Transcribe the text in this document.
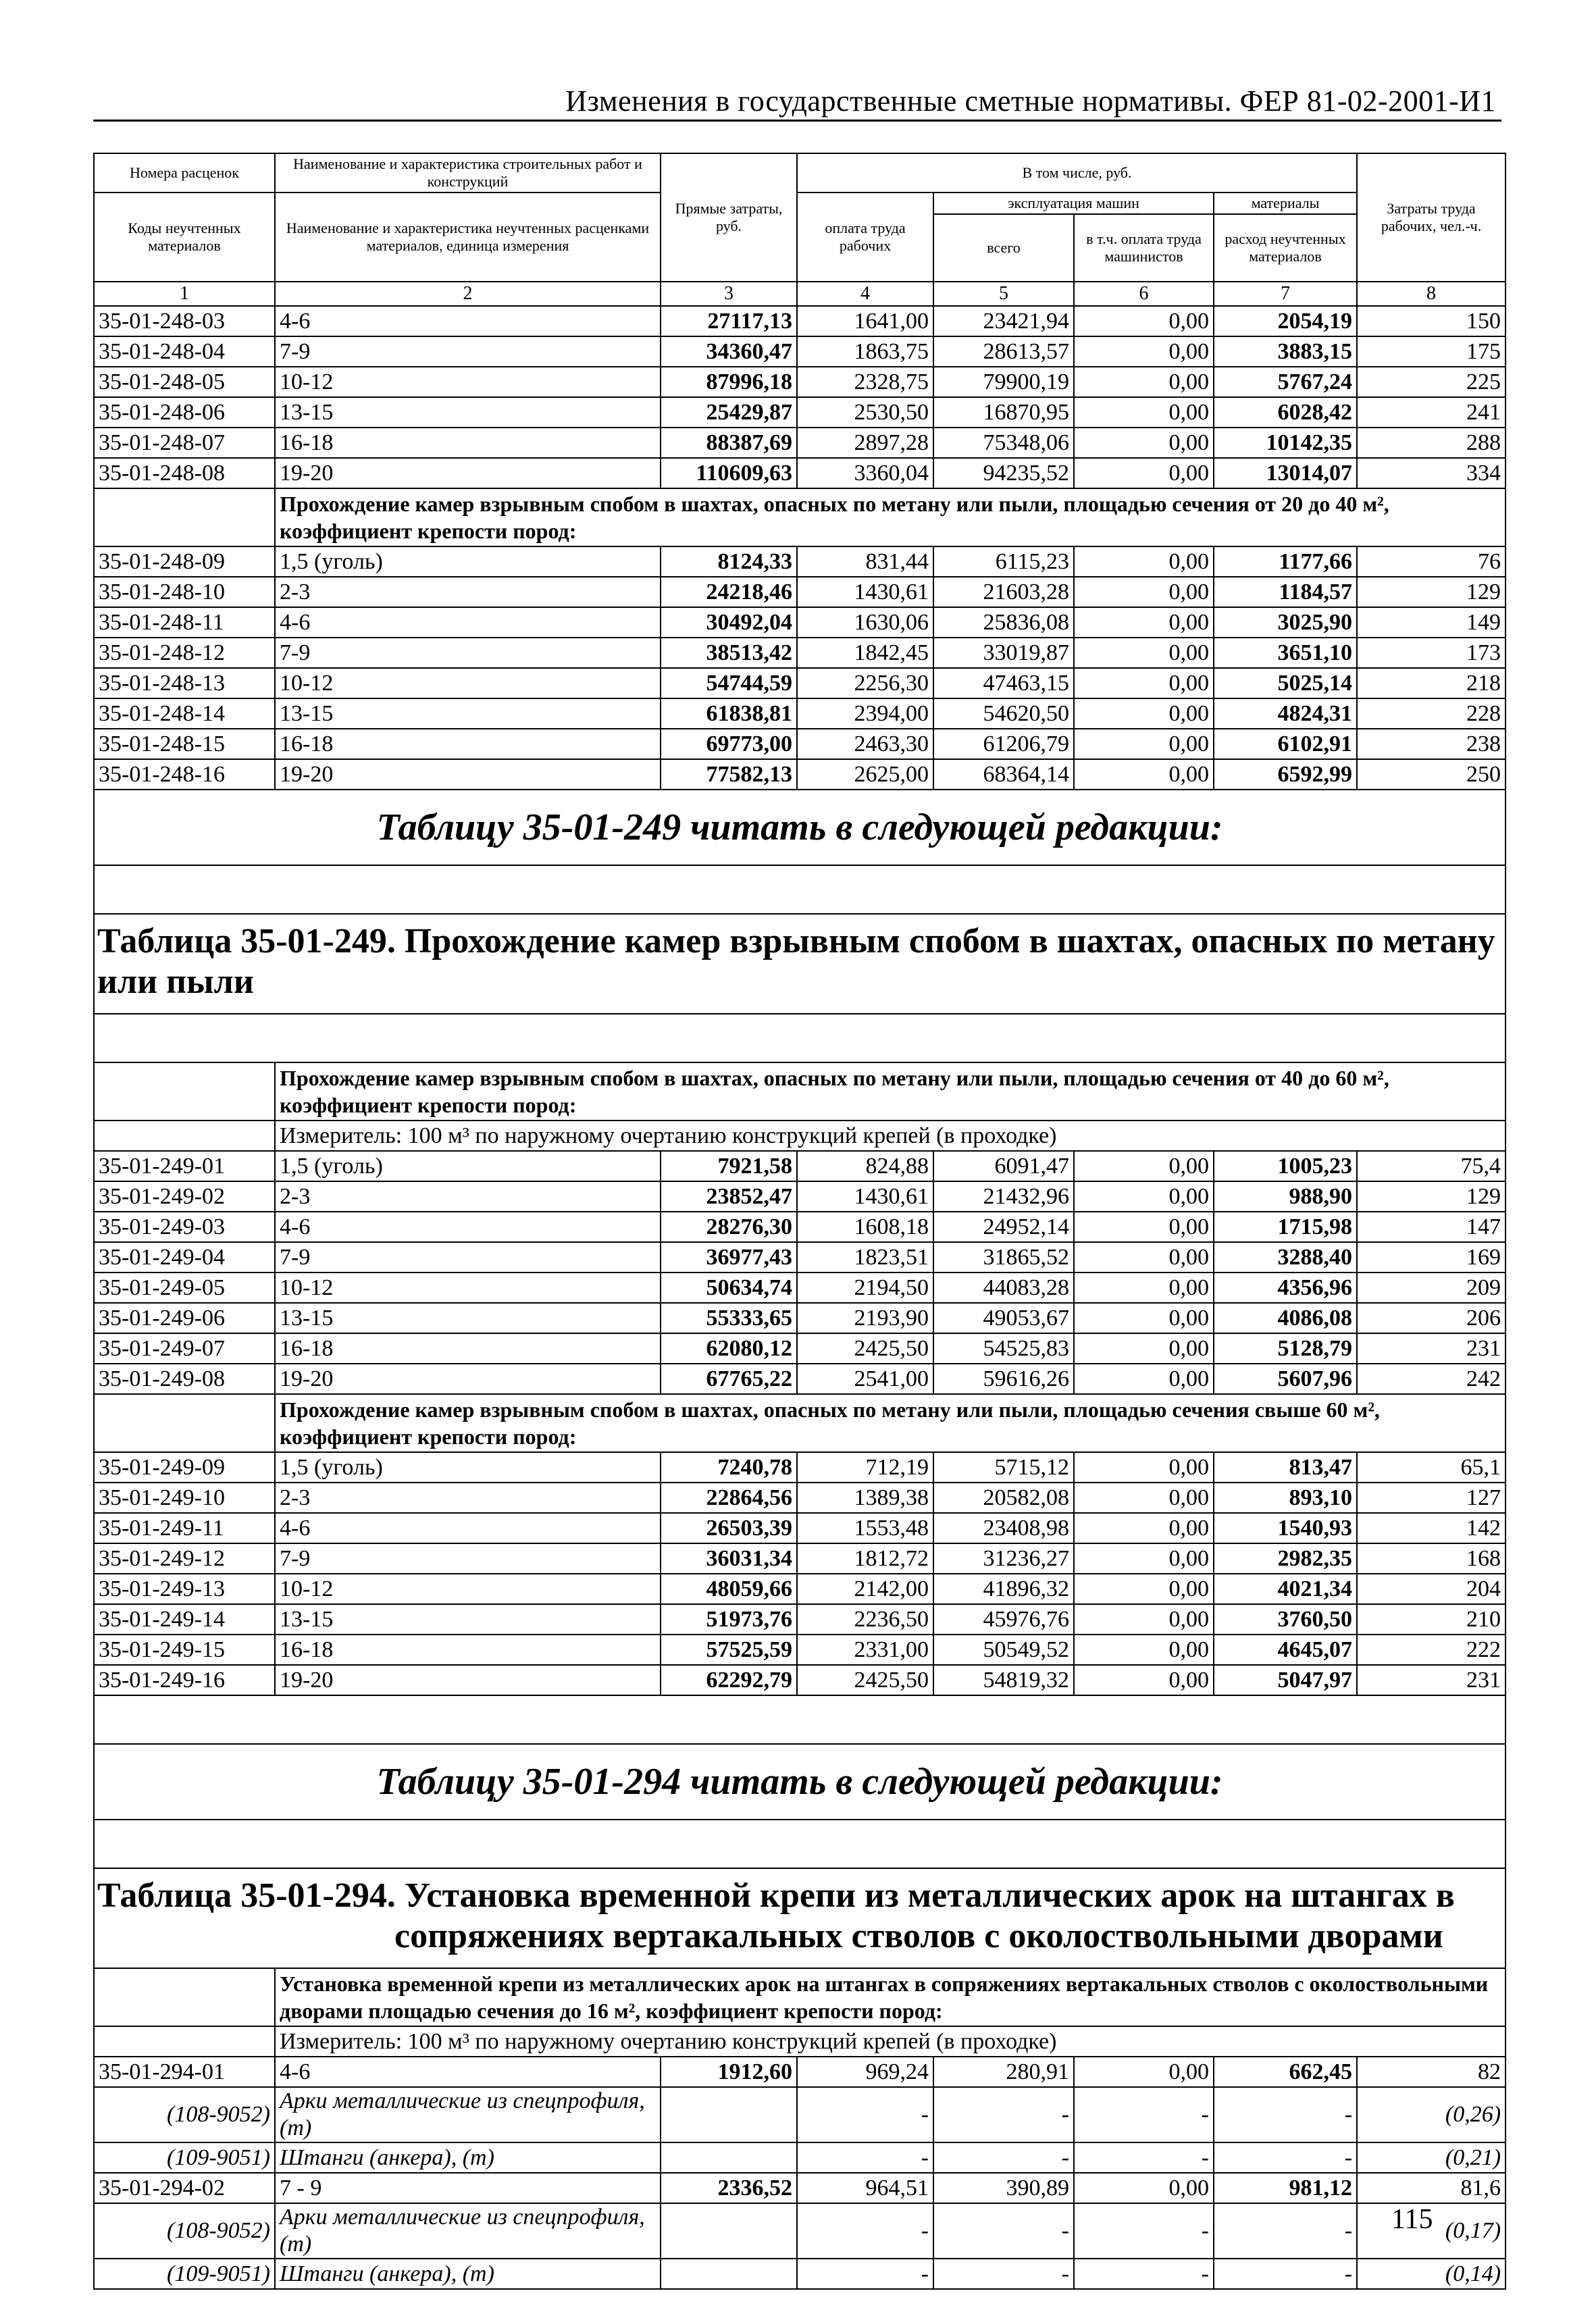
Изменения в государственные сметные нормативы. ФЕР 81-02-2001-И1
Номера расценок	Наименование и характеристика строительных работ и конструкций	Прямые затраты, руб.	В том числе, руб.				Затраты труда рабочих, чел.-ч.	
Коды неучтенных материалов	Наименование и характеристика неучтенных расценками материалов, единица измерения		оплата труда рабочих	эксплуатация машин		материалы		
				всего	в т.ч. оплата труда машинистов	расход неучтенных материалов		
1	2	3	4	5	6	7	8	
35-01-248-03	4-6	27117,13	1641,00	23421,94	0,00	2054,19	150	
35-01-248-04	7-9	34360,47	1863,75	28613,57	0,00	3883,15	175	
35-01-248-05	10-12	87996,18	2328,75	79900,19	0,00	5767,24	225	
35-01-248-06	13-15	25429,87	2530,50	16870,95	0,00	6028,42	241	
35-01-248-07	16-18	88387,69	2897,28	75348,06	0,00	10142,35	288	
35-01-248-08	19-20	110609,63	3360,04	94235,52	0,00	13014,07	334	
	Прохождение камер взрывным спобом в шахтах, опасных по метану или пыли, площадью сечения от 20 до 40 м², коэффициент крепости пород:							
35-01-248-09	1,5 (уголь)	8124,33	831,44	6115,23	0,00	1177,66	76	
35-01-248-10	2-3	24218,46	1430,61	21603,28	0,00	1184,57	129	
35-01-248-11	4-6	30492,04	1630,06	25836,08	0,00	3025,90	149	
35-01-248-12	7-9	38513,42	1842,45	33019,87	0,00	3651,10	173	
35-01-248-13	10-12	54744,59	2256,30	47463,15	0,00	5025,14	218	
35-01-248-14	13-15	61838,81	2394,00	54620,50	0,00	4824,31	228	
35-01-248-15	16-18	69773,00	2463,30	61206,79	0,00	6102,91	238	
35-01-248-16	19-20	77582,13	2625,00	68364,14	0,00	6592,99	250	
Таблицу 35-01-249 читать в следующей редакции:								

Таблица 35-01-249. Прохождение камер взрывным спобом в шахтах, опасных по метану или пыли								

	Прохождение камер взрывным спобом в шахтах, опасных по метану или пыли, площадью сечения от 40 до 60 м², коэффициент крепости пород:							
	Измеритель: 100 м³ по наружному очертанию конструкций крепей (в проходке)							
35-01-249-01	1,5 (уголь)	7921,58	824,88	6091,47	0,00	1005,23	75,4	
35-01-249-02	2-3	23852,47	1430,61	21432,96	0,00	988,90	129	
35-01-249-03	4-6	28276,30	1608,18	24952,14	0,00	1715,98	147	
35-01-249-04	7-9	36977,43	1823,51	31865,52	0,00	3288,40	169	
35-01-249-05	10-12	50634,74	2194,50	44083,28	0,00	4356,96	209	
35-01-249-06	13-15	55333,65	2193,90	49053,67	0,00	4086,08	206	
35-01-249-07	16-18	62080,12	2425,50	54525,83	0,00	5128,79	231	
35-01-249-08	19-20	67765,22	2541,00	59616,26	0,00	5607,96	242	
	Прохождение камер взрывным спобом в шахтах, опасных по метану или пыли, площадью сечения свыше 60 м², коэффициент крепости пород:							
35-01-249-09	1,5 (уголь)	7240,78	712,19	5715,12	0,00	813,47	65,1	
35-01-249-10	2-3	22864,56	1389,38	20582,08	0,00	893,10	127	
35-01-249-11	4-6	26503,39	1553,48	23408,98	0,00	1540,93	142	
35-01-249-12	7-9	36031,34	1812,72	31236,27	0,00	2982,35	168	
35-01-249-13	10-12	48059,66	2142,00	41896,32	0,00	4021,34	204	
35-01-249-14	13-15	51973,76	2236,50	45976,76	0,00	3760,50	210	
35-01-249-15	16-18	57525,59	2331,00	50549,52	0,00	4645,07	222	
35-01-249-16	19-20	62292,79	2425,50	54819,32	0,00	5047,97	231	

Таблицу 35-01-294 читать в следующей редакции:								

Таблица 35-01-294. Установка временной крепи из металлических арок на штангах в
сопряжениях вертакальных стволов с околоствольными дворами								

	Установка временной крепи из металлических арок на штангах в сопряжениях вертакальных стволов с околоствольными дворами площадью сечения до 16 м², коэффициент крепости пород:							
	Измеритель: 100 м³ по наружному очертанию конструкций крепей (в проходке)							
35-01-294-01	4-6	1912,60	969,24	280,91	0,00	662,45	82	
(108-9052)	Арки металлические из спецпрофиля, (т)		-	-	-	-	(0,26)	
(109-9051)	Штанги (анкера), (т)		-	-	-	-	(0,21)	
35-01-294-02	7 - 9	2336,52	964,51	390,89	0,00	981,12	81,6	
(108-9052)	Арки металлические из спецпрофиля, (т)		-	-	-	-	(0,17)	
(109-9051)	Штанги (анкера), (т)		-	-	-	-	(0,14)	
115
